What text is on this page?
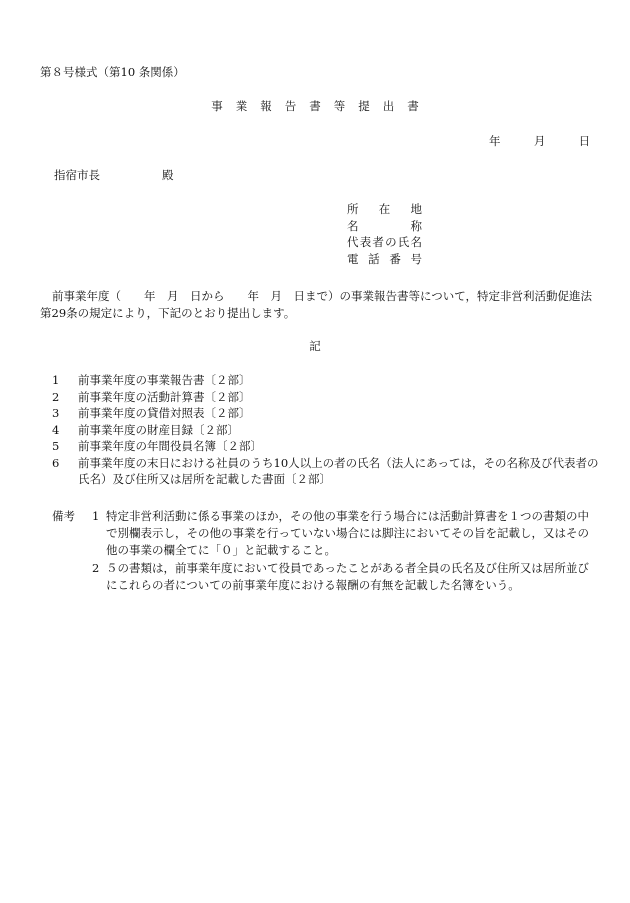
第８号様式（第10 条関係）
事業報告書等提出書
年	月	日
指宿市長	殿
所在地
名称
代表者の氏名
電話番号
前事業年度（　　年　月　日から　　年　月　日まで）の事業報告書等について，特定非営利活動促進法第29条の規定により，下記のとおり提出します。
記
1	前事業年度の事業報告書〔２部〕
2	前事業年度の活動計算書〔２部〕
3	前事業年度の貸借対照表〔２部〕
4	前事業年度の財産目録〔２部〕
5	前事業年度の年間役員名簿〔２部〕
6	前事業年度の末日における社員のうち10人以上の者の氏名（法人にあっては，その名称及び代表者の氏名）及び住所又は居所を記載した書面〔２部〕
備考	1 特定非営利活動に係る事業のほか，その他の事業を行う場合には活動計算書を１つの書類の中で別欄表示し，その他の事業を行っていない場合には脚注においてその旨を記載し，又はその他の事業の欄全てに「０」と記載すること。
2 ５の書類は，前事業年度において役員であったことがある者全員の氏名及び住所又は居所並びにこれらの者についての前事業年度における報酬の有無を記載した名簿をいう。
